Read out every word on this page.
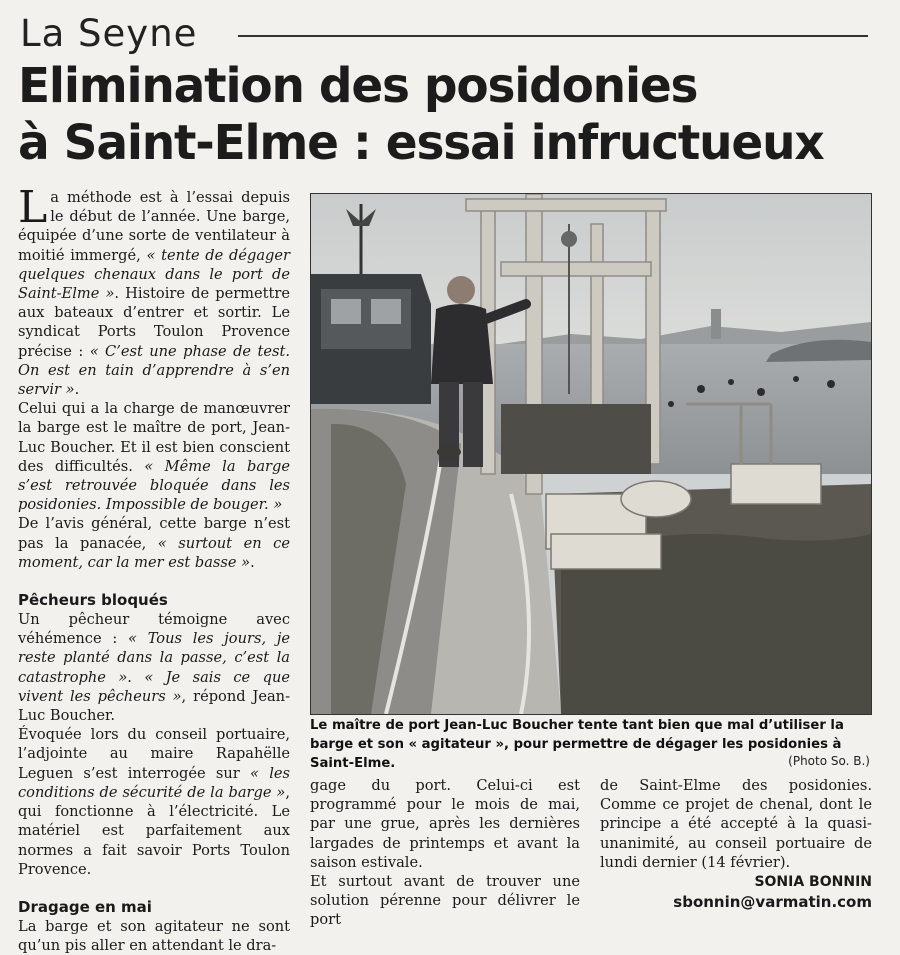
La Seyne
Elimination des posidonies
à Saint-Elme : essai infructueux

La méthode est à l’essai depuis le début de l’année. Une barge, équipée d’une sorte de ventilateur à moitié immergé, « tente de dégager quelques chenaux dans le port de Saint-Elme ». Histoire de permettre aux bateaux d’entrer et sortir. Le syndicat Ports Toulon Provence précise : « C’est une phase de test. On est en tain d’apprendre à s’en servir ».

Celui qui a la charge de manœuvrer la barge est le maître de port, Jean-Luc Boucher. Et il est bien conscient des difficultés. « Même la barge s’est retrouvée bloquée dans les posidonies. Impossible de bouger. »

De l’avis général, cette barge n’est pas la panacée, « surtout en ce moment, car la mer est basse ».

Pêcheurs bloqués

Un pêcheur témoigne avec véhémence : « Tous les jours, je reste planté dans la passe, c’est la catastrophe ». « Je sais ce que vivent les pêcheurs », répond Jean-Luc Boucher.

Évoquée lors du conseil portuaire, l’adjointe au maire Rapahëlle Leguen s’est interrogée sur « les conditions de sécurité de la barge », qui fonctionne à l’électricité. Le matériel est parfaitement aux normes a fait savoir Ports Toulon Provence.

Dragage en mai

La barge et son agitateur ne sont qu’un pis aller en attendant le dra-

Le maître de port Jean-Luc Boucher tente tant bien que mal d’utiliser la barge et son « agitateur », pour permettre de dégager les posidonies à Saint-Elme.	(Photo So. B.)

gage du port. Celui-ci est programmé pour le mois de mai, par une grue, après les dernières largades de printemps et avant la saison estivale.

Et surtout avant de trouver une solution pérenne pour délivrer le port

de Saint-Elme des posidonies. Comme ce projet de chenal, dont le principe a été accepté à la quasi-unanimité, au conseil portuaire de lundi dernier (14 février).

SONIA BONNIN
sbonnin@varmatin.com
